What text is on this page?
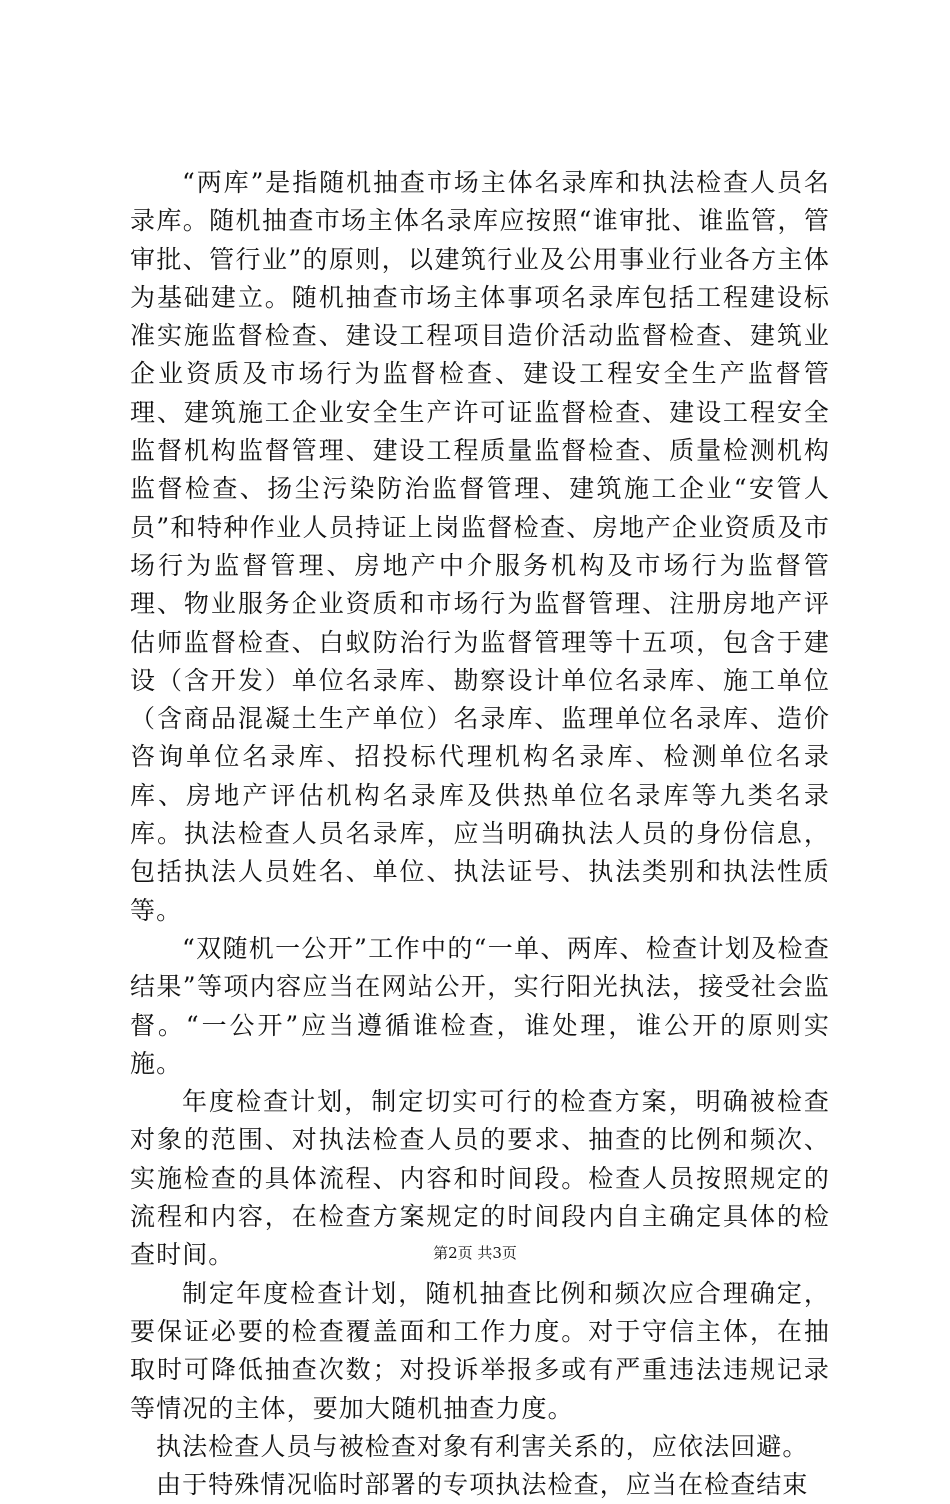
“两库”是指随机抽查市场主体名录库和执法检查人员名录库。随机抽查市场主体名录库应按照“谁审批、谁监管，管审批、管行业”的原则，以建筑行业及公用事业行业各方主体为基础建立。随机抽查市场主体事项名录库包括工程建设标准实施监督检查、建设工程项目造价活动监督检查、建筑业企业资质及市场行为监督检查、建设工程安全生产监督管理、建筑施工企业安全生产许可证监督检查、建设工程安全监督机构监督管理、建设工程质量监督检查、质量检测机构监督检查、扬尘污染防治监督管理、建筑施工企业“安管人员”和特种作业人员持证上岗监督检查、房地产企业资质及市场行为监督管理、房地产中介服务机构及市场行为监督管理、物业服务企业资质和市场行为监督管理、注册房地产评估师监督检查、白蚁防治行为监督管理等十五项，包含于建设（含开发）单位名录库、勘察设计单位名录库、施工单位（含商品混凝土生产单位）名录库、监理单位名录库、造价咨询单位名录库、招投标代理机构名录库、检测单位名录库、房地产评估机构名录库及供热单位名录库等九类名录库。执法检查人员名录库，应当明确执法人员的身份信息，包括执法人员姓名、单位、执法证号、执法类别和执法性质等。

“双随机一公开”工作中的“一单、两库、检查计划及检查结果”等项内容应当在网站公开，实行阳光执法，接受社会监督。“一公开”应当遵循谁检查，谁处理，谁公开的原则实施。

年度检查计划，制定切实可行的检查方案，明确被检查对象的范围、对执法检查人员的要求、抽查的比例和频次、实施检查的具体流程、内容和时间段。检查人员按照规定的流程和内容，在检查方案规定的时间段内自主确定具体的检查时间。

制定年度检查计划，随机抽查比例和频次应合理确定，要保证必要的检查覆盖面和工作力度。对于守信主体，在抽取时可降低抽查次数；对投诉举报多或有严重违法违规记录等情况的主体，要加大随机抽查力度。

执法检查人员与被检查对象有利害关系的，应依法回避。

由于特殊情况临时部署的专项执法检查，应当在检查结束

第2页 共3页
